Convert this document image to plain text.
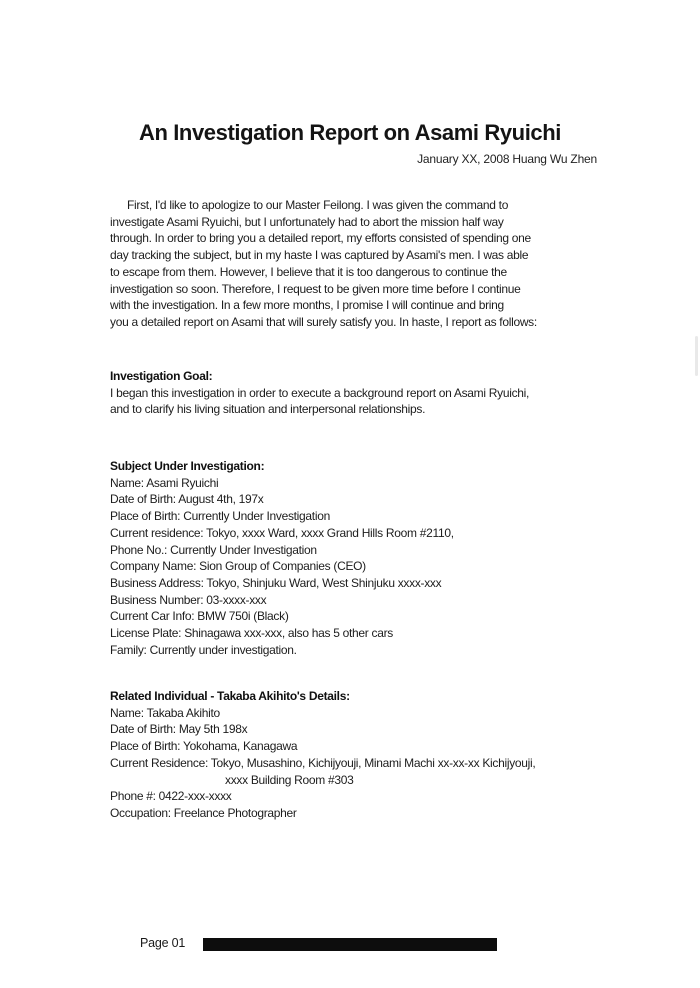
An Investigation Report on Asami Ryuichi
January XX, 2008 Huang Wu Zhen
First, I'd like to apologize to our Master Feilong. I was given the command to
investigate Asami Ryuichi, but I unfortunately had to abort the mission half way
through. In order to bring you a detailed report, my efforts consisted of spending one
day tracking the subject, but in my haste I was captured by Asami's men. I was able
to escape from them. However, I believe that it is too dangerous to continue the
investigation so soon. Therefore, I request to be given more time before I continue
with the investigation. In a few more months, I promise I will continue and bring
you a detailed report on Asami that will surely satisfy you. In haste, I report as follows:
Investigation Goal:
I began this investigation in order to execute a background report on Asami Ryuichi,
and to clarify his living situation and interpersonal relationships.
Subject Under Investigation:
Name: Asami Ryuichi
Date of Birth: August 4th, 197x
Place of Birth: Currently Under Investigation
Current residence: Tokyo, xxxx Ward, xxxx Grand Hills Room #2110,
Phone No.: Currently Under Investigation
Company Name: Sion Group of Companies (CEO)
Business Address: Tokyo, Shinjuku Ward, West Shinjuku xxxx-xxx
Business Number: 03-xxxx-xxx
Current Car Info: BMW 750i (Black)
License Plate: Shinagawa xxx-xxx, also has 5 other cars
Family: Currently under investigation.
Related Individual - Takaba Akihito's Details:
Name: Takaba Akihito
Date of Birth: May 5th 198x
Place of Birth: Yokohama, Kanagawa
Current Residence: Tokyo, Musashino, Kichijyouji, Minami Machi xx-xx-xx Kichijyouji,
xxxx Building Room #303
Phone #: 0422-xxx-xxxx
Occupation: Freelance Photographer
Page 01
